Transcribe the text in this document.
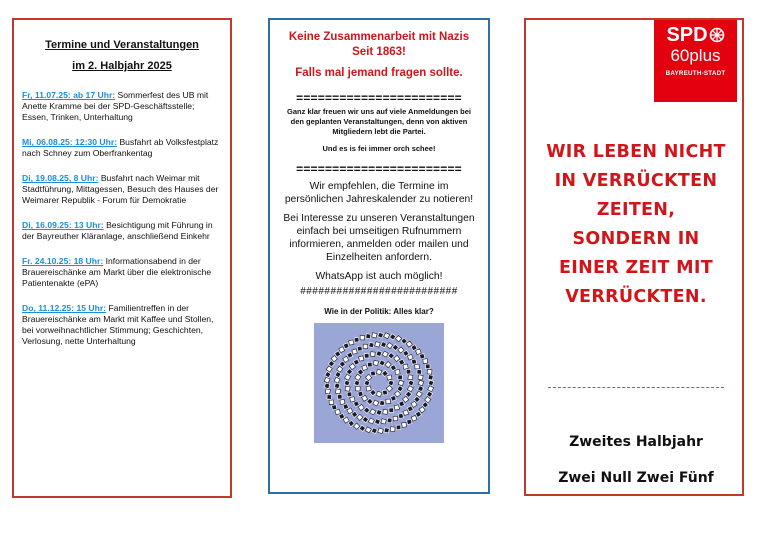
Termine und Veranstaltungen
im 2. Halbjahr 2025
Fr, 11.07.25: ab 17 Uhr: Sommerfest des UB mit Anette Kramme bei der SPD-Geschäftsstelle; Essen, Trinken, Unterhaltung
Mi, 06.08.25: 12:30 Uhr: Busfahrt ab Volksfestplatz nach Schney zum Oberfrankentag
Di, 19.08.25, 8 Uhr: Busfahrt nach Weimar mit Stadtführung, Mittagessen, Besuch des Hauses der Weimarer Republik - Forum für Demokratie
Di, 16.09.25: 13 Uhr: Besichtigung mit Führung in der Bayreuther Kläranlage, anschließend Einkehr
Fr. 24.10.25: 18 Uhr: Informationsabend in der Brauereischänke am Markt über die elektronische Patientenakte (ePA)
Do, 11.12.25: 15 Uhr: Familientreffen in der Brauereischänke am Markt mit Kaffee und Stollen, bei vorweihnachtlicher Stimmung; Geschichten, Verlosung, nette Unterhaltung
Keine Zusammenarbeit mit Nazis
Seit 1863!
Falls mal jemand fragen sollte.
=======================
Ganz klar freuen wir uns auf viele Anmeldungen bei den geplanten Veranstaltungen, denn von aktiven Mitgliedern lebt die Partei.
Und es is fei immer orch schee!
=======================
Wir empfehlen, die Termine im persönlichen Jahreskalender zu notieren!
Bei Interesse zu unseren Veranstaltungen einfach bei umseitigen Rufnummern informieren, anmelden oder mailen und Einzelheiten anfordern.
WhatsApp ist auch möglich!
##########################
Wie in der Politik: Alles klar?
SPD
60plus
BAYREUTH-STADT
WIR LEBEN NICHT
IN VERRÜCKTEN
ZEITEN,
SONDERN IN
EINER ZEIT MIT
VERRÜCKTEN.
Zweites Halbjahr
Zwei Null Zwei Fünf
